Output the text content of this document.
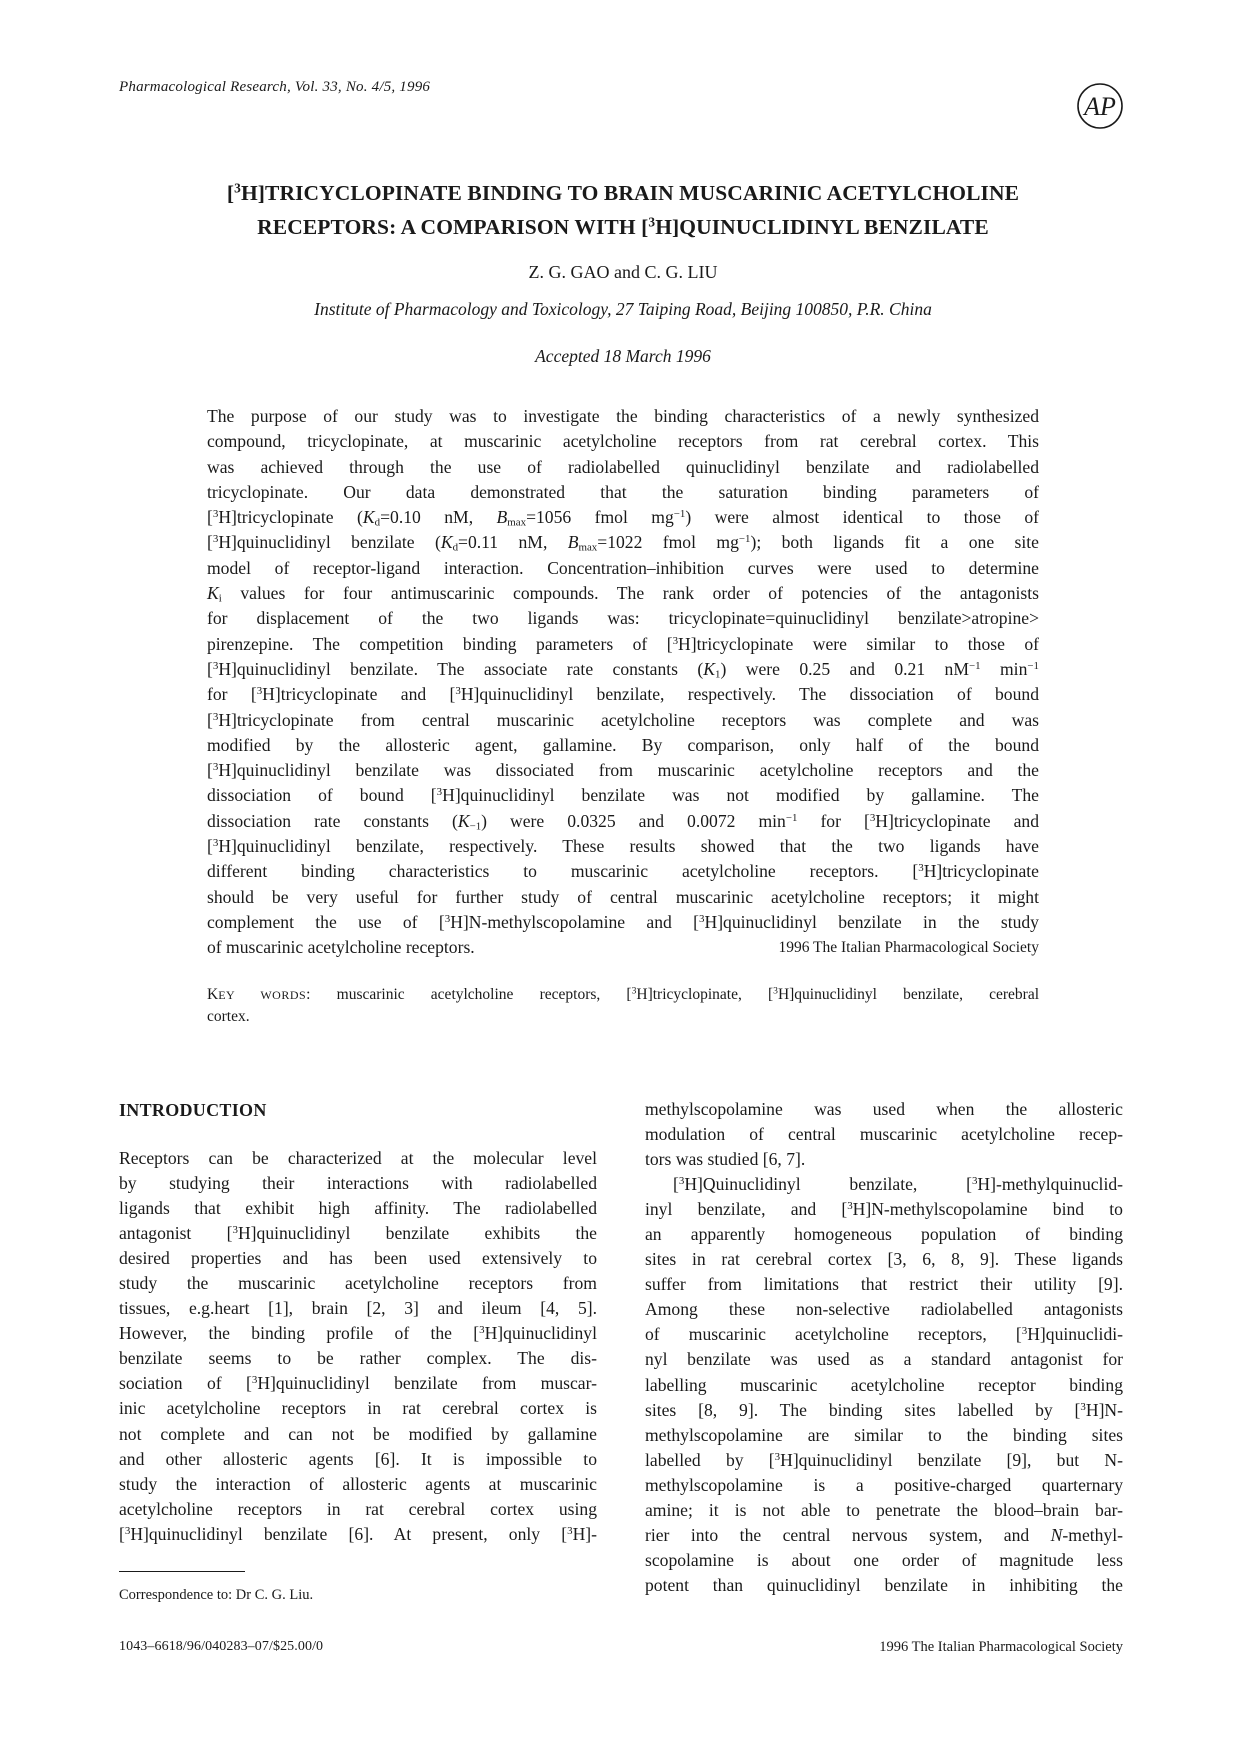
Pharmacological Research, Vol. 33, No. 4/5, 1996
AP
[$^3$H]TRICYCLOPINATE BINDING TO BRAIN MUSCARINIC ACETYLCHOLINE
RECEPTORS: A COMPARISON WITH [$^3$H]QUINUCLIDINYL BENZILATE
Z. G. GAO and C. G. LIU
Institute of Pharmacology and Toxicology, 27 Taiping Road, Beijing 100850, P.R. China
Accepted 18 March 1996
The purpose of our study was to investigate the binding characteristics of a newly synthesized
compound, tricyclopinate, at muscarinic acetylcholine receptors from rat cerebral cortex. This
was achieved through the use of radiolabelled quinuclidinyl benzilate and radiolabelled
tricyclopinate. Our data demonstrated that the saturation binding parameters of
[$^3$H]tricyclopinate ($K_d=0.10$ nM, $B_{max}=1056$ fmol $mg^{-1}$) were almost identical to those of
[$^3$H]quinuclidinyl benzilate ($K_d=0.11$ nM, $B_{max}=1022$ fmol $mg^{-1}$); both ligands fit a one site
model of receptor-ligand interaction. Concentration–inhibition curves were used to determine
$K_i$ values for four antimuscarinic compounds. The rank order of potencies of the antagonists
for displacement of the two ligands was: tricyclopinate=quinuclidinyl benzilate>atropine>
pirenzepine. The competition binding parameters of [$^3$H]tricyclopinate were similar to those of
[$^3$H]quinuclidinyl benzilate. The associate rate constants $(K_1)$ were 0.25 and 0.21 $nM^{-1}$ $\min^{-1}$
for [$^3$H]tricyclopinate and [$^3$H]quinuclidinyl benzilate, respectively. The dissociation of bound
[$^3$H]tricyclopinate from central muscarinic acetylcholine receptors was complete and was
modified by the allosteric agent, gallamine. By comparison, only half of the bound
[$^3$H]quinuclidinyl benzilate was dissociated from muscarinic acetylcholine receptors and the
dissociation of bound [$^3$H]quinuclidinyl benzilate was not modified by gallamine. The
dissociation rate constants $(K_{-1})$ were 0.0325 and 0.0072 $\min^{-1}$ for [$^3$H]tricyclopinate and
[$^3$H]quinuclidinyl benzilate, respectively. These results showed that the two ligands have
different binding characteristics to muscarinic acetylcholine receptors. [$^3$H]tricyclopinate
should be very useful for further study of central muscarinic acetylcholine receptors; it might
complement the use of [$^3$H]N-methylscopolamine and [$^3$H]quinuclidinyl benzilate in the study
of muscarinic acetylcholine receptors.	1996 The Italian Pharmacological Society
KEY WORDS: muscarinic acetylcholine receptors, [$^3$H]tricyclopinate, [$^3$H]quinuclidinyl benzilate, cerebral
cortex.
INTRODUCTION
Receptors can be characterized at the molecular level
by studying their interactions with radiolabelled
ligands that exhibit high affinity. The radiolabelled
antagonist [$^3$H]quinuclidinyl benzilate exhibits the
desired properties and has been used extensively to
study the muscarinic acetylcholine receptors from
tissues, e.g.heart [1], brain [2, 3] and ileum [4, 5].
However, the binding profile of the [$^3$H]quinuclidinyl
benzilate seems to be rather complex. The dis-
sociation of [$^3$H]quinuclidinyl benzilate from muscar-
inic acetylcholine receptors in rat cerebral cortex is
not complete and can not be modified by gallamine
and other allosteric agents [6]. It is impossible to
study the interaction of allosteric agents at muscarinic
acetylcholine receptors in rat cerebral cortex using
[$^3$H]quinuclidinyl benzilate [6]. At present, only [$^3$H]-
methylscopolamine was used when the allosteric
modulation of central muscarinic acetylcholine recep-
tors was studied [6, 7].
[$^3$H]Quinuclidinyl benzilate, [$^3$H]-methylquinuclid-
inyl benzilate, and [$^3$H]N-methylscopolamine bind to
an apparently homogeneous population of binding
sites in rat cerebral cortex [3, 6, 8, 9]. These ligands
suffer from limitations that restrict their utility [9].
Among these non-selective radiolabelled antagonists
of muscarinic acetylcholine receptors, [$^3$H]quinuclidi-
nyl benzilate was used as a standard antagonist for
labelling muscarinic acetylcholine receptor binding
sites [8, 9]. The binding sites labelled by [$^3$H]N-
methylscopolamine are similar to the binding sites
labelled by [$^3$H]quinuclidinyl benzilate [9], but N-
methylscopolamine is a positive-charged quarternary
amine; it is not able to penetrate the blood–brain bar-
rier into the central nervous system, and N-methyl-
scopolamine is about one order of magnitude less
potent than quinuclidinyl benzilate in inhibiting the
Correspondence to: Dr C. G. Liu.
1043–6618/96/040283–07/$25.00/0	1996 The Italian Pharmacological Society
